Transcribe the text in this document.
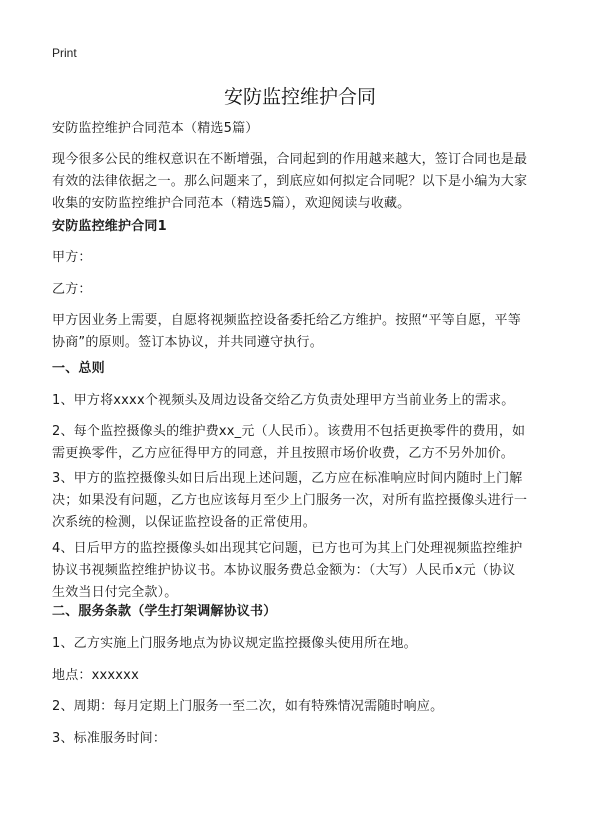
Print
安防监控维护合同
安防监控维护合同范本（精选5篇）
现今很多公民的维权意识在不断增强，合同起到的作用越来越大，签订合同也是最
有效的法律依据之一。那么问题来了，到底应如何拟定合同呢？以下是小编为大家
收集的安防监控维护合同范本（精选5篇），欢迎阅读与收藏。
安防监控维护合同1
甲方：
乙方：
甲方因业务上需要，自愿将视频监控设备委托给乙方维护。按照“平等自愿，平等
协商”的原则。签订本协议，并共同遵守执行。
一、总则
1、甲方将xxxx个视频头及周边设备交给乙方负责处理甲方当前业务上的需求。
2、每个监控摄像头的维护费xx_元（人民币）。该费用不包括更换零件的费用，如
需更换零件，乙方应征得甲方的同意，并且按照市场价收费，乙方不另外加价。
3、甲方的监控摄像头如日后出现上述问题，乙方应在标准响应时间内随时上门解
决；如果没有问题，乙方也应该每月至少上门服务一次，对所有监控摄像头进行一
次系统的检测，以保证监控设备的正常使用。
4、日后甲方的监控摄像头如出现其它问题，已方也可为其上门处理视频监控维护
协议书视频监控维护协议书。本协议服务费总金额为：（大写）人民币x元（协议
生效当日付完全款）。
二、服务条款（学生打架调解协议书）
1、乙方实施上门服务地点为协议规定监控摄像头使用所在地。
地点：xxxxxx
2、周期：每月定期上门服务一至二次，如有特殊情况需随时响应。
3、标准服务时间：
